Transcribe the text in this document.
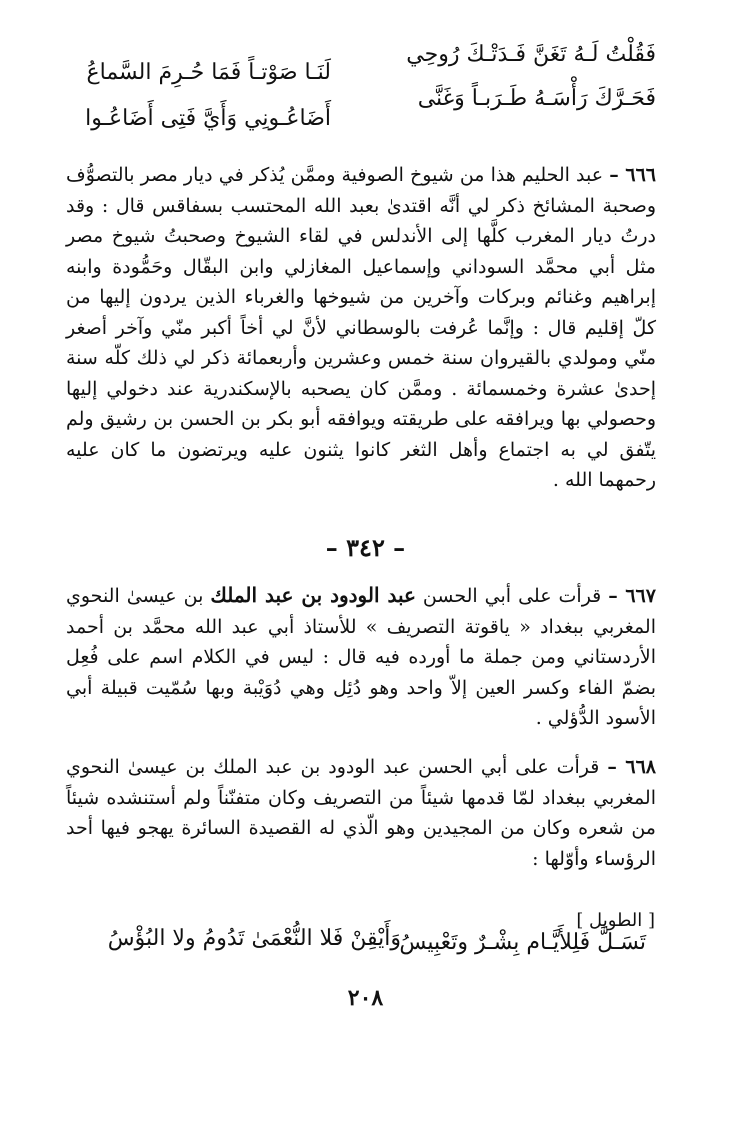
فَقُلْتُ لَـهُ تَغَنَّ فَـدَتْـكَ رُوحِي
لَنَـا صَوْتـاً فَمَا حُـرِمَ السَّماعُ
فَحَـرَّكَ رَأْسَـهُ طَـرَبـاً وَغَنَّى
أَضَاعُـونِي وَأَيَّ فَتِى أَضَاعُـوا
٦٦٦ – عبد الحليم هذا من شيوخ الصوفية وممَّن يُذكر في ديار مصر بالتصوُّف وصحبة المشائخ ذكر لي أنَّه اقتدىٰ بعبد الله المحتسب بسفاقس قال : وقد درتُ ديار المغرب كلَّها إلى الأندلس في لقاء الشيوخ وصحبتُ شيوخ مصر مثل أبي محمَّد السوداني وإسماعيل المغازلي وابن البقّال وحَمُّودة وابنه إبراهيم وغنائم وبركات وآخرين من شيوخها والغرباء الذين يردون إليها من كلّ إقليم قال : وإنَّما عُرفت بالوسطاني لأنَّ لي أخاً أكبر منّي وآخر أصغر منّي ومولدي بالقيروان سنة خمس وعشرين وأربعمائة ذكر لي ذلك كلّه سنة إحدىٰ عشرة وخمسمائة . وممَّن كان يصحبه بالإسكندرية عند دخولي إليها وحصولي بها ويرافقه على طريقته ويوافقه أبو بكر بن الحسن بن رشيق ولم يتّفق لي به اجتماع وأهل الثغر كانوا يثنون عليه ويرتضون ما كان عليه رحمهما الله .
– ٣٤٢ –
٦٦٧ – قرأت على أبي الحسن عبد الودود بن عبد الملك بن عيسىٰ النحوي المغربي ببغداد « ياقوتة التصريف » للأستاذ أبي عبد الله محمَّد بن أحمد الأردستاني ومن جملة ما أورده فيه قال : ليس في الكلام اسم على فُعِل بضمّ الفاء وكسر العين إلاّ واحد وهو دُئِل وهي دُوَيْبة وبها سُمّيت قبيلة أبي الأسود الدُّؤلي .
٦٦٨ – قرأت على أبي الحسن عبد الودود بن عبد الملك بن عيسىٰ النحوي المغربي ببغداد لمّا قدمها شيئاً من التصريف وكان متفنّناً ولم أستنشده شيئاً من شعره وكان من المجيدين وهو الّذي له القصيدة السائرة يهجو فيها أحد الرؤساء وأوّلها :
[ الطويل ]
تَسَـلَّ فَلِلأَيَّـام بِشْـرٌ وتَعْبِيسُ
وَأَيْقِنْ فَلا النُّعْمَىٰ تَدُومُ ولا البُؤْسُ
٢٠٨
